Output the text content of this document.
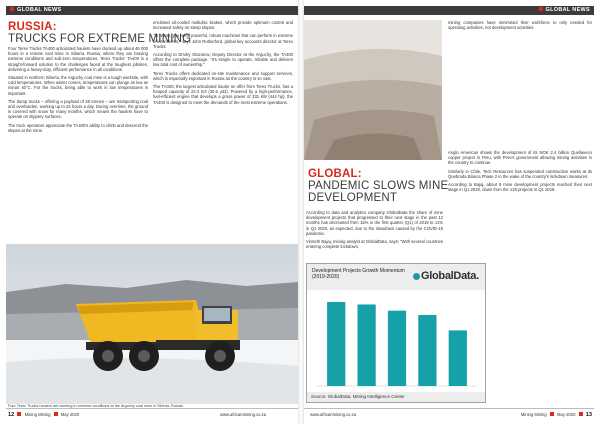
GLOBAL NEWS	GLOBAL NEWS
RUSSIA:
TRUCKS FOR EXTREME MINING

Four Terex Trucks TA400 articulated haulers have clocked up about 46 000 hours in a remote coal mine in Siberia, Russia, where they are braving extreme conditions and sub-zero temperatures. Terex Trucks' TA400 is a straight-forward solution to the challenges faced at the toughest jobsites, delivering a heavy-duty, efficient performance in all conditions.

Situated in northern Siberia, the Arguchy coal mine is a tough worksite, with cold temperatures. When winter comes, temperatures can plunge as low as minus 40°C. For the trucks, being able to work in low temperatures is important.

The dump trucks – offering a payload of 38 tonnes – are transporting coal and overburden, working up to 22 hours a day. During overtime, the ground is covered with snow for many months, which means the haulers have to operate on slippery surfaces.

The truck operators appreciate the TA400's ability to climb and descend the slopes at the mine.

enclosed oil-cooled multidisc brakes, which provide optimum control and increased safety on steep slopes.

"In winter, you need powerful, robust machines that can perform in extreme environments," says John Rutherford, global key accounts director at Terex Trucks.

According to Dmitry Glazunov, Deputy Director at the Arguchy, the TA400 offers the complete package. "It's simple to operate, reliable and delivers low total cost of ownership."

Terex Trucks offers dedicated on-site maintenance and support services, which is especially important in Russia as the country is so vast.

The TA400, the largest articulated hauler on offer from Terex Trucks, has a heaped capacity of 23.3 m3 (30.5 yd3). Powered by a high-performance, fuel-efficient engine that develops a gross power of 331 kW (444 hp), the TA400 is designed to meet the demands of the most extreme operations.

Four Terex Trucks haulers are working in extreme conditions at the Arguchy coal mine in Siberia, Russia.

mining companies have minimised their workforce to only needed for operating activities, not development activities.

GLOBAL:
PANDEMIC SLOWS MINE
DEVELOPMENT

According to data and analytics company GlobalData the share of mine development projects that progressed to their next stage in the past 12 months has decreased from 15% in the first quarter (Q1) of 2019 to 11% in Q1 2020, as expected, due to the slowdown caused by the COVID-19 pandemic.

Vinneth Bajaj, mining analyst at GlobalData, says: "With several countries entering complete lockdown,

Anglo American shows the development of its NOK 2.4 billion Quellaveco copper project in Peru, with Peru's government allowing mining activities in the country to continue.

Similarly in Chile, Teck Resources has suspended construction works at its Quebrada Blanca Phase 2 in the wake of the country's lockdown measures.

According to Bajaj, about 9 mine development projects reached their next stage in Q1 2020, down from the 125 projects in Q1 2019.

Development Projects Growth Momentum (2019-2020)	GlobalData.
Source: GlobalData, Mining Intelligence Center
12 Mining Mining May 2020	www.africanmining.co.za	www.africanmining.co.za	Mining Mining May 2020 13
